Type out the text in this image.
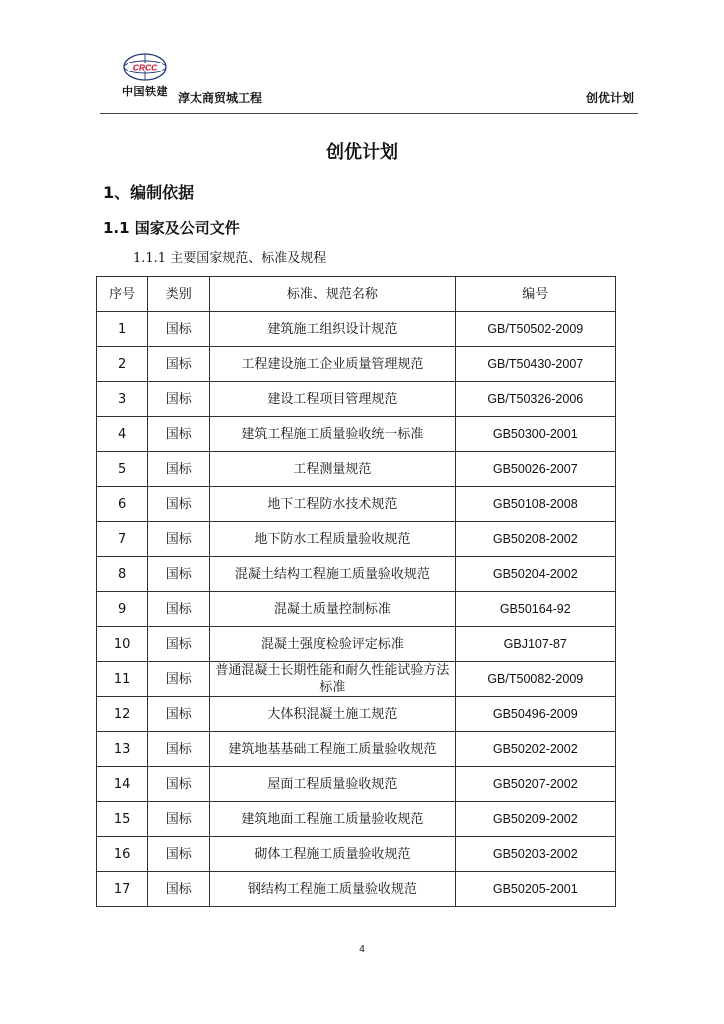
CRCC
中国铁建 淳太商贸城工程	创优计划
创优计划
1、编制依据
1.1 国家及公司文件
1.1.1 主要国家规范、标准及规程
序号	类别	标准、规范名称	编号
1	国标	建筑施工组织设计规范	GB/T50502-2009
2	国标	工程建设施工企业质量管理规范	GB/T50430-2007
3	国标	建设工程项目管理规范	GB/T50326-2006
4	国标	建筑工程施工质量验收统一标准	GB50300-2001
5	国标	工程测量规范	GB50026-2007
6	国标	地下工程防水技术规范	GB50108-2008
7	国标	地下防水工程质量验收规范	GB50208-2002
8	国标	混凝土结构工程施工质量验收规范	GB50204-2002
9	国标	混凝土质量控制标准	GB50164-92
10	国标	混凝土强度检验评定标准	GBJ107-87
11	国标	普通混凝土长期性能和耐久性能试验方法标准	GB/T50082-2009
12	国标	大体积混凝土施工规范	GB50496-2009
13	国标	建筑地基基础工程施工质量验收规范	GB50202-2002
14	国标	屋面工程质量验收规范	GB50207-2002
15	国标	建筑地面工程施工质量验收规范	GB50209-2002
16	国标	砌体工程施工质量验收规范	GB50203-2002
17	国标	钢结构工程施工质量验收规范	GB50205-2001
4
